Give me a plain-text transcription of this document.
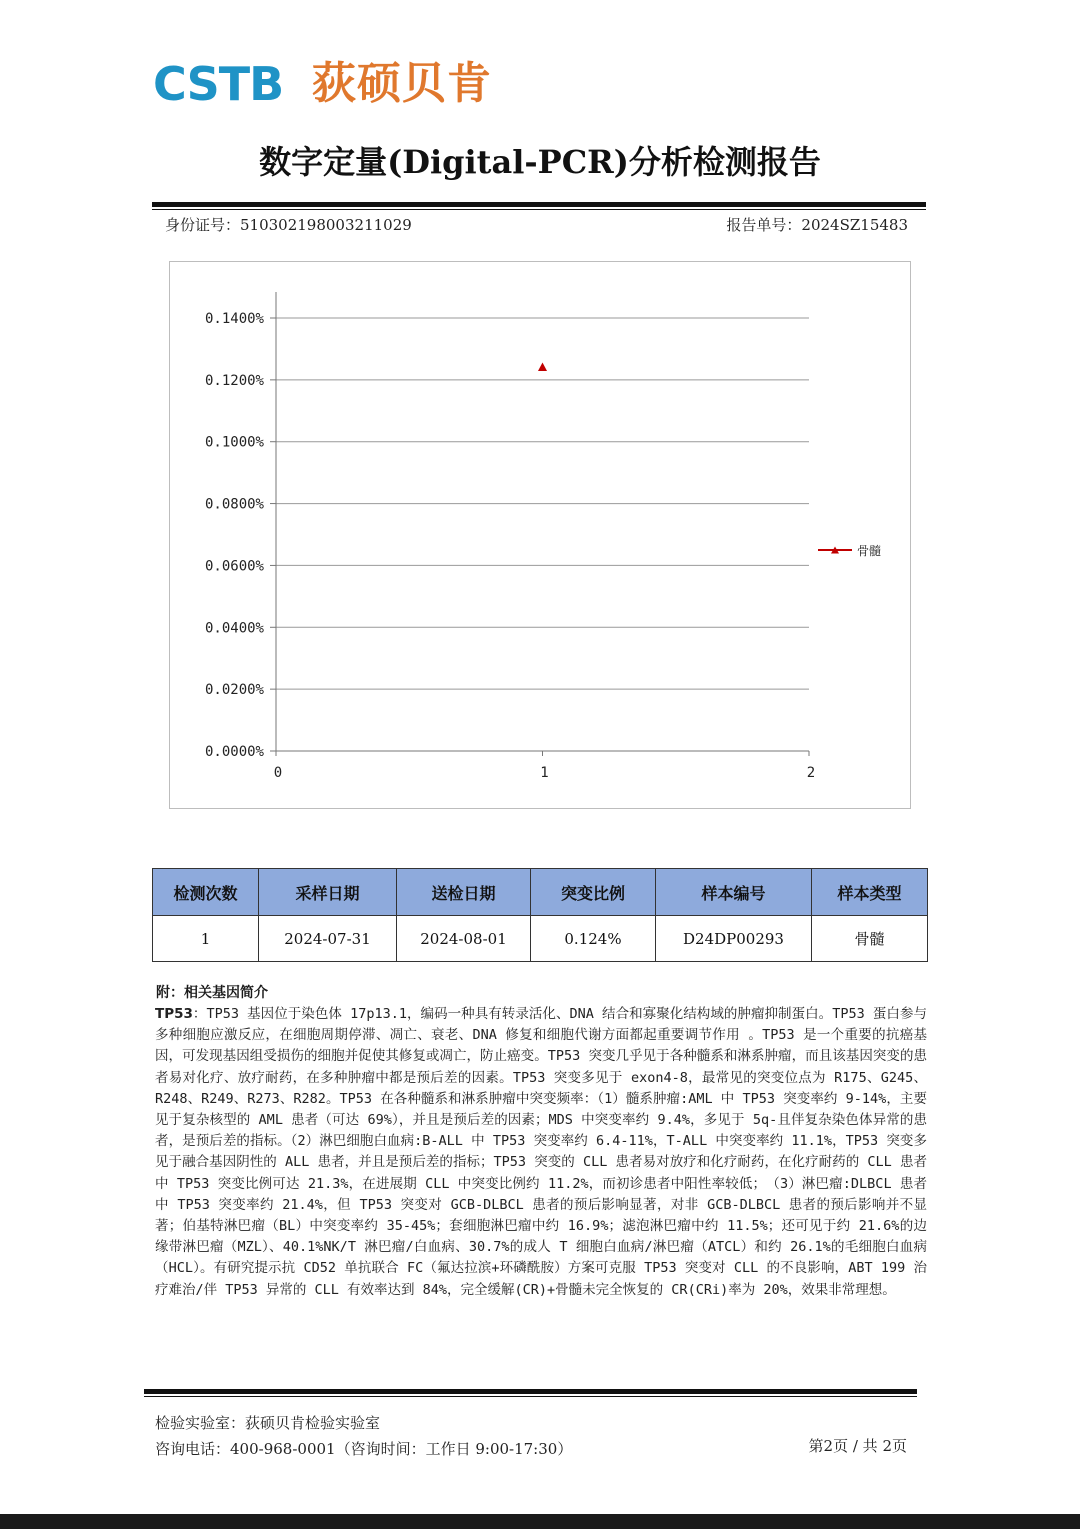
CSTB 荻硕贝肯
数字定量(Digital-PCR)分析检测报告
身份证号：510302198003211029	报告单号：2024SZ15483
0.0000%
0.0200%
0.0400%
0.0600%
0.0800%
0.1000%
0.1200%
0.1400%
0	1	2
骨髓
检测次数	采样日期	送检日期	突变比例	样本编号	样本类型
1	2024-07-31	2024-08-01	0.124%	D24DP00293	骨髓
附：相关基因简介
TP53：TP53 基因位于染色体 17p13.1，编码一种具有转录活化、DNA 结合和寡聚化结构域的肿瘤抑制蛋白。TP53 蛋白参与多种细胞应激反应，在细胞周期停滞、凋亡、衰老、DNA 修复和细胞代谢方面都起重要调节作用 。TP53 是一个重要的抗癌基因，可发现基因组受损伤的细胞并促使其修复或凋亡，防止癌变。TP53 突变几乎见于各种髓系和淋系肿瘤，而且该基因突变的患者易对化疗、放疗耐药，在多种肿瘤中都是预后差的因素。TP53 突变多见于 exon4-8，最常见的突变位点为 R175、G245、R248、R249、R273、R282。TP53 在各种髓系和淋系肿瘤中突变频率：（1）髓系肿瘤:AML 中 TP53 突变率约 9-14%，主要见于复杂核型的 AML 患者（可达 69%），并且是预后差的因素；MDS 中突变率约 9.4%，多见于 5q-且伴复杂染色体异常的患者，是预后差的指标。（2）淋巴细胞白血病:B-ALL 中 TP53 突变率约 6.4-11%，T-ALL 中突变率约 11.1%，TP53 突变多见于融合基因阴性的 ALL 患者，并且是预后差的指标；TP53 突变的 CLL 患者易对放疗和化疗耐药，在化疗耐药的 CLL 患者中 TP53 突变比例可达 21.3%，在进展期 CLL 中突变比例约 11.2%，而初诊患者中阳性率较低；　（3）淋巴瘤:DLBCL 患者中 TP53 突变率约 21.4%，但 TP53 突变对 GCB-DLBCL 患者的预后影响显著，对非 GCB-DLBCL 患者的预后影响并不显著；伯基特淋巴瘤（BL）中突变率约 35-45%；套细胞淋巴瘤中约 16.9%；滤泡淋巴瘤中约 11.5%；还可见于约 21.6%的边缘带淋巴瘤（MZL）、40.1%NK/T 淋巴瘤/白血病、30.7%的成人 T 细胞白血病/淋巴瘤（ATCL）和约 26.1%的毛细胞白血病（HCL）。有研究提示抗 CD52 单抗联合 FC（氟达拉滨+环磷酰胺）方案可克服 TP53 突变对 CLL 的不良影响，ABT 199 治疗难治/伴 TP53 异常的 CLL 有效率达到 84%，完全缓解(CR)+骨髓未完全恢复的 CR(CRi)率为 20%，效果非常理想。
检验实验室：荻硕贝肯检验实验室
咨询电话：400-968-0001（咨询时间：工作日 9:00-17:30）	第2页 / 共 2页
